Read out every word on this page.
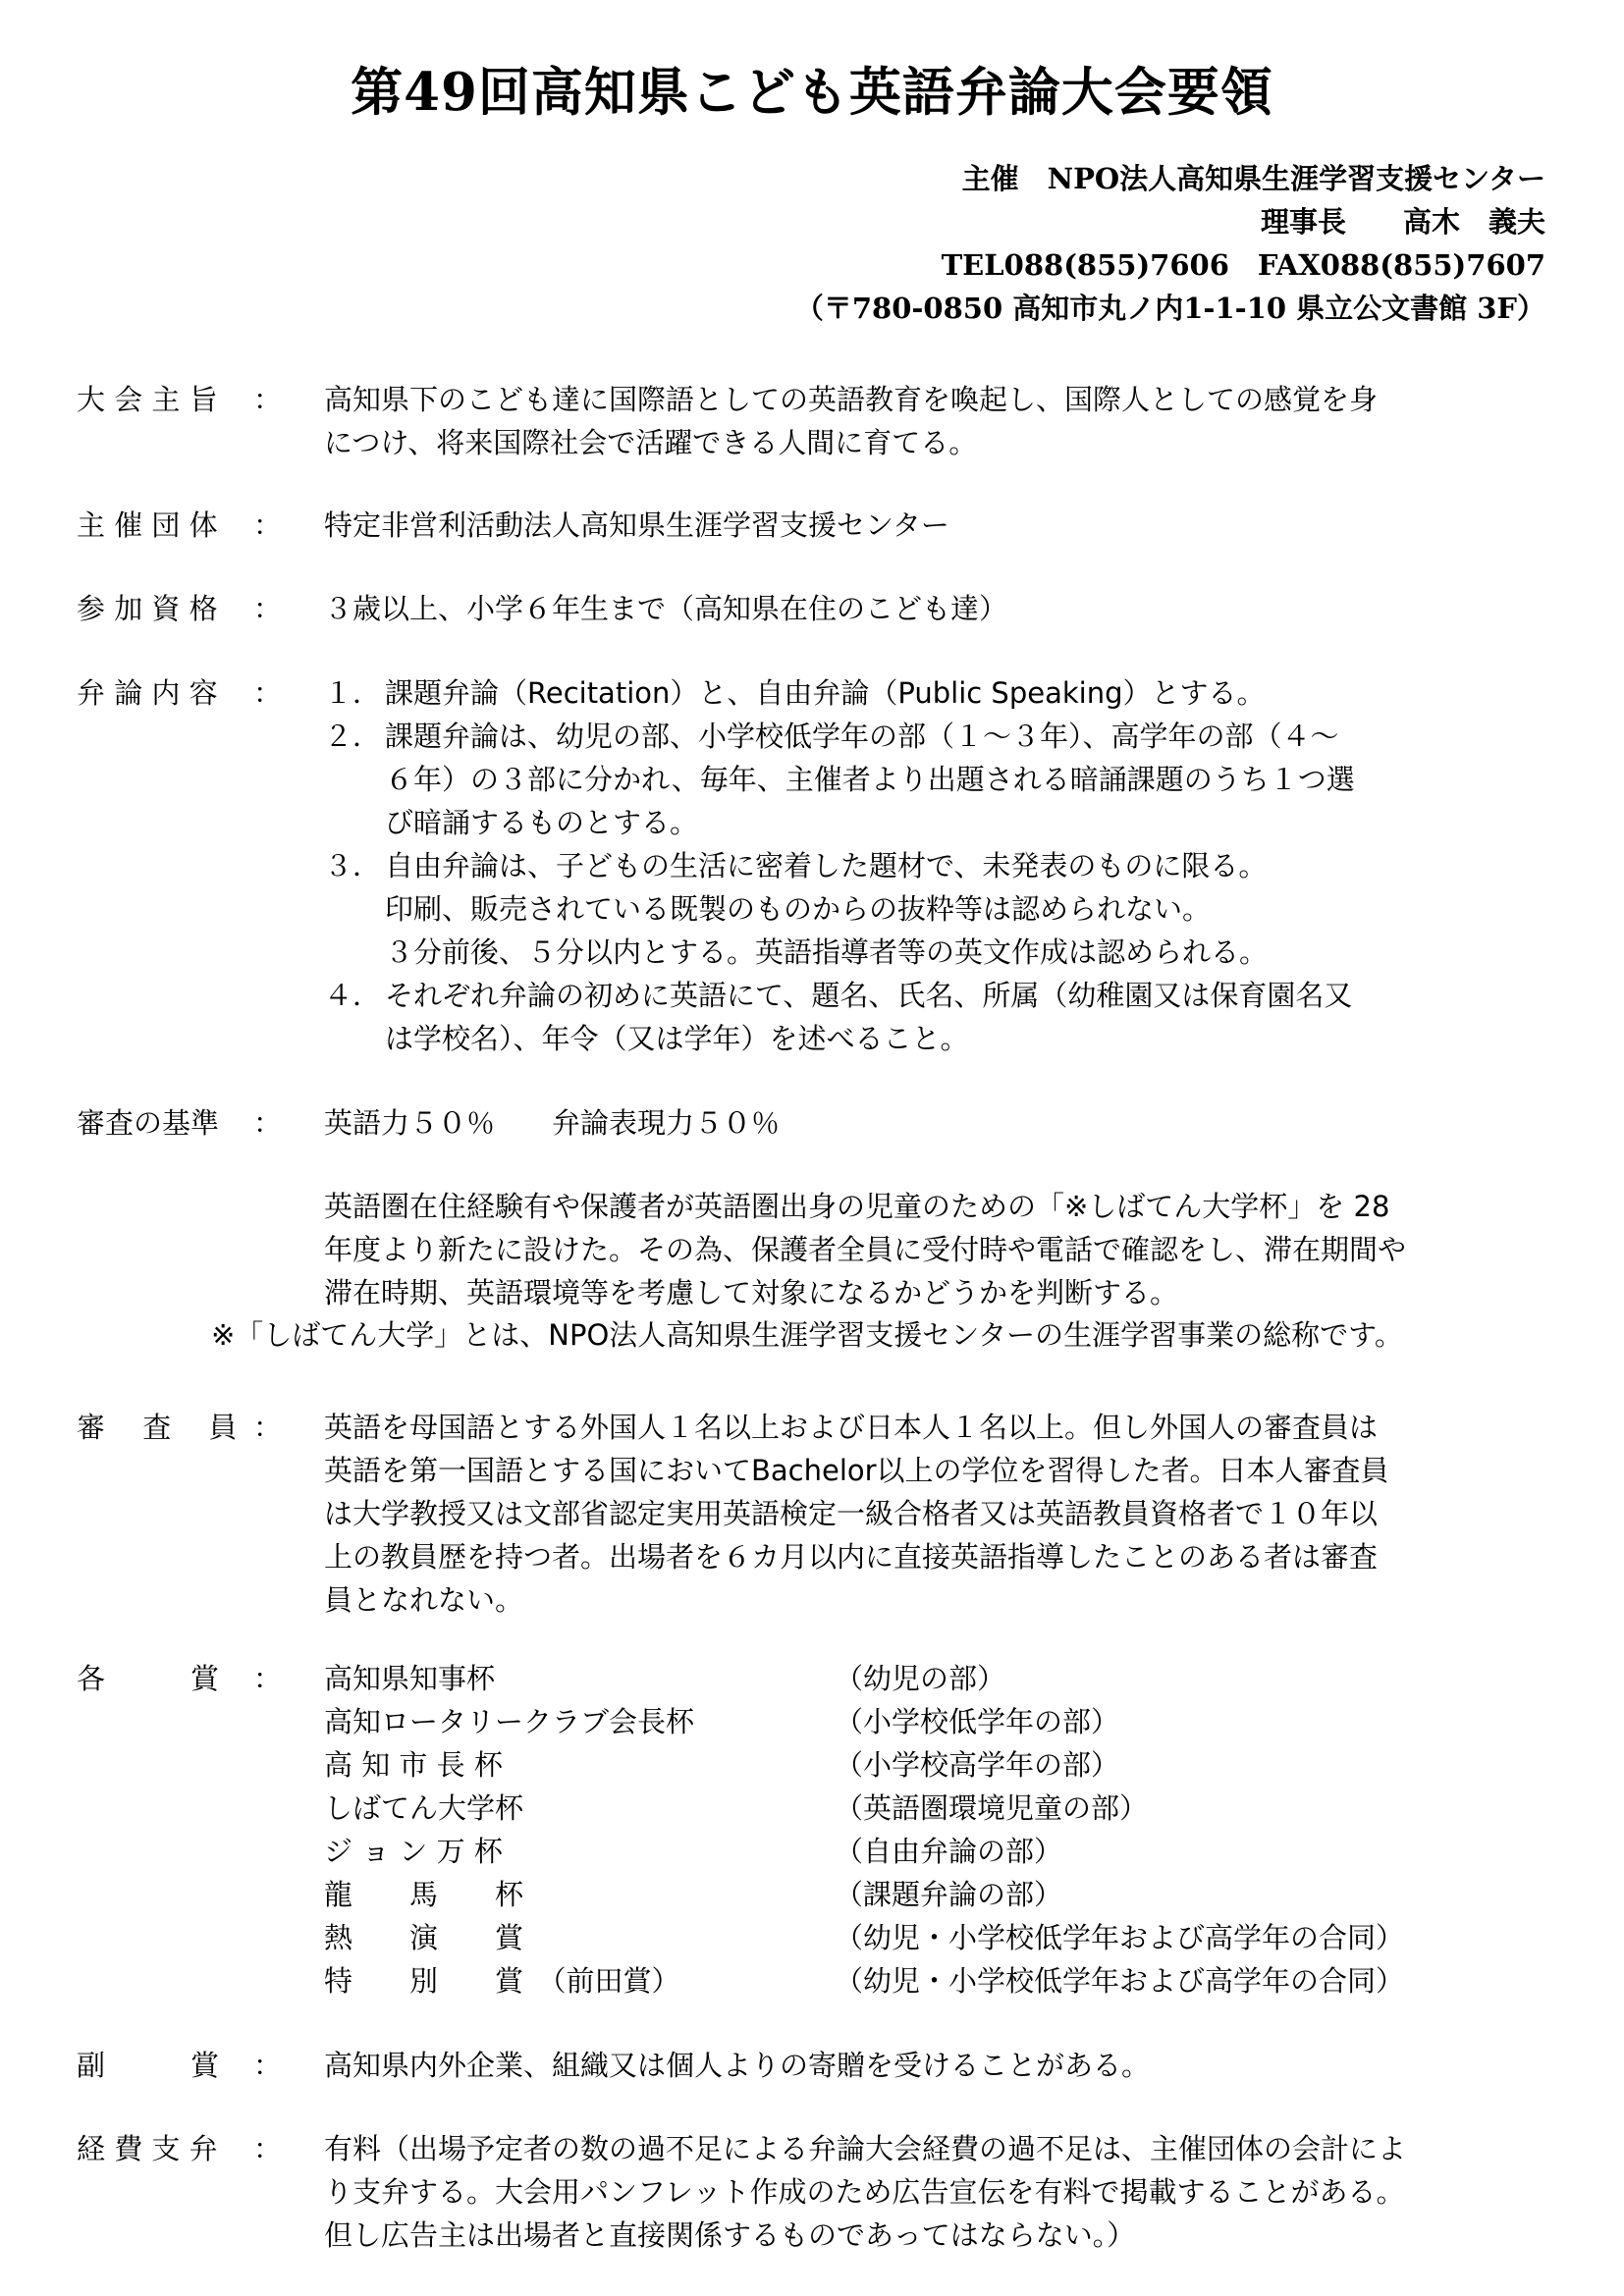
第49回高知県こども英語弁論大会要領
主催　NPO法人高知県生涯学習支援センター
理事長　　高木　義夫
TEL088(855)7606　FAX088(855)7607
（〒780-0850 高知市丸ノ内1-1-10 県立公文書館 3F）
大 会 主 旨 ： 高知県下のこども達に国際語としての英語教育を喚起し、国際人としての感覚を身

につけ、将来国際社会で活躍できる人間に育てる。

主 催 団 体 ： 特定非営利活動法人高知県生涯学習支援センター

参 加 資 格 ： ３歳以上、小学６年生まで（高知県在住のこども達）

弁 論 内 容 ： １． 課題弁論（Recitation）と、自由弁論（Public Speaking）とする。

２． 課題弁論は、幼児の部、小学校低学年の部（１～３年）、高学年の部（４～

６年）の３部に分かれ、毎年、主催者より出題される暗誦課題のうち１つ選

び暗誦するものとする。

３． 自由弁論は、子どもの生活に密着した題材で、未発表のものに限る。

印刷、販売されている既製のものからの抜粋等は認められない。

３分前後、５分以内とする。英語指導者等の英文作成は認められる。

４． それぞれ弁論の初めに英語にて、題名、氏名、所属（幼稚園又は保育園名又

は学校名）、年令（又は学年）を述べること。

審査の基準 ： 英語力５０％　　弁論表現力５０％

英語圏在住経験有や保護者が英語圏出身の児童のための「※しばてん大学杯」を 28

年度より新たに設けた。その為、保護者全員に受付時や電話で確認をし、滞在期間や

滞在時期、英語環境等を考慮して対象になるかどうかを判断する。

※「しばてん大学」とは、NPO法人高知県生涯学習支援センターの生涯学習事業の総称です。
審　 査 　員 ： 英語を母国語とする外国人１名以上および日本人１名以上。但し外国人の審査員は

英語を第一国語とする国においてBachelor以上の学位を習得した者。日本人審査員

は大学教授又は文部省認定実用英語検定一級合格者又は英語教員資格者で１０年以

上の教員歴を持つ者。出場者を６カ月以内に直接英語指導したことのある者は審査

員となれない。

各　　　賞 ： 高知県知事杯	（幼児の部）
高知ロータリークラブ会長杯	（小学校低学年の部）
高 知 市 長 杯	（小学校高学年の部）
しばてん大学杯	（英語圏環境児童の部）
ジ ョ ン 万 杯	（自由弁論の部）
龍　　馬　　杯	（課題弁論の部）
熱　　演　　賞	（幼児・小学校低学年および高学年の合同）
特　　別　　賞　（前田賞）	（幼児・小学校低学年および高学年の合同）
副　　　賞 ： 高知県内外企業、組織又は個人よりの寄贈を受けることがある。

経 費 支 弁 ： 有料（出場予定者の数の過不足による弁論大会経費の過不足は、主催団体の会計によ

り支弁する。大会用パンフレット作成のため広告宣伝を有料で掲載することがある。

但し広告主は出場者と直接関係するものであってはならない。）
